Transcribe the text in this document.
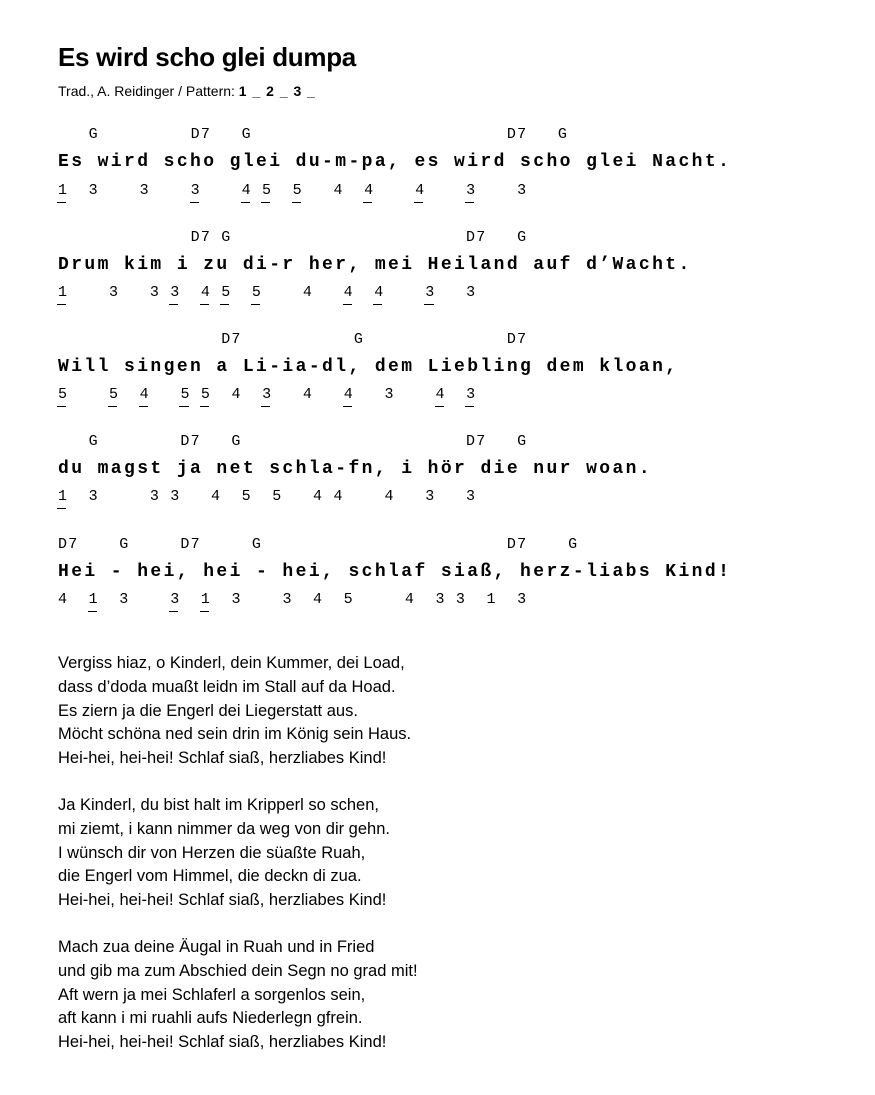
Es wird scho glei dumpa
Trad., A. Reidinger / Pattern: 1 _ 2 _ 3 _
G         D7   G                         D7   G
Es wird scho glei du-m-pa, es wird scho glei Nacht.
1  3    3    3	4 5 5   4  4	4	3    3
D7 G                       D7   G
Drum kim i zu di-r her, mei Heiland auf d’Wacht.
1    3   3 3 4 5 5    4   4 4	3   3
D7           G              D7
Will singen a Li-ia-dl, dem Liebling dem kloan,
5	5 4 5 5  4  3   4   4   3    4 3
G        D7   G                      D7   G
du magst ja net schla-fn, i hör die nur woan.
1  3     3 3   4  5  5   4 4    4   3   3
D7    G     D7     G                        D7    G
Hei - hei, hei - hei, schlaf siaß, herz-liabs Kind!
4  1  3    3 1  3    3  4  5     4  3 3  1  3
Vergiss hiaz, o Kinderl, dein Kummer, dei Load,
dass d’doda muaßt leidn im Stall auf da Hoad.
Es ziern ja die Engerl dei Liegerstatt aus.
Möcht schöna ned sein drin im König sein Haus.
Hei-hei, hei-hei! Schlaf siaß, herzliabes Kind!
Ja Kinderl, du bist halt im Kripperl so schen,
mi ziemt, i kann nimmer da weg von dir gehn.
I wünsch dir von Herzen die süaßte Ruah,
die Engerl vom Himmel, die deckn di zua.
Hei-hei, hei-hei! Schlaf siaß, herzliabes Kind!
Mach zua deine Äugal in Ruah und in Fried
und gib ma zum Abschied dein Segn no grad mit!
Aft wern ja mei Schlaferl a sorgenlos sein,
aft kann i mi ruahli aufs Niederlegn gfrein.
Hei-hei, hei-hei! Schlaf siaß, herzliabes Kind!
